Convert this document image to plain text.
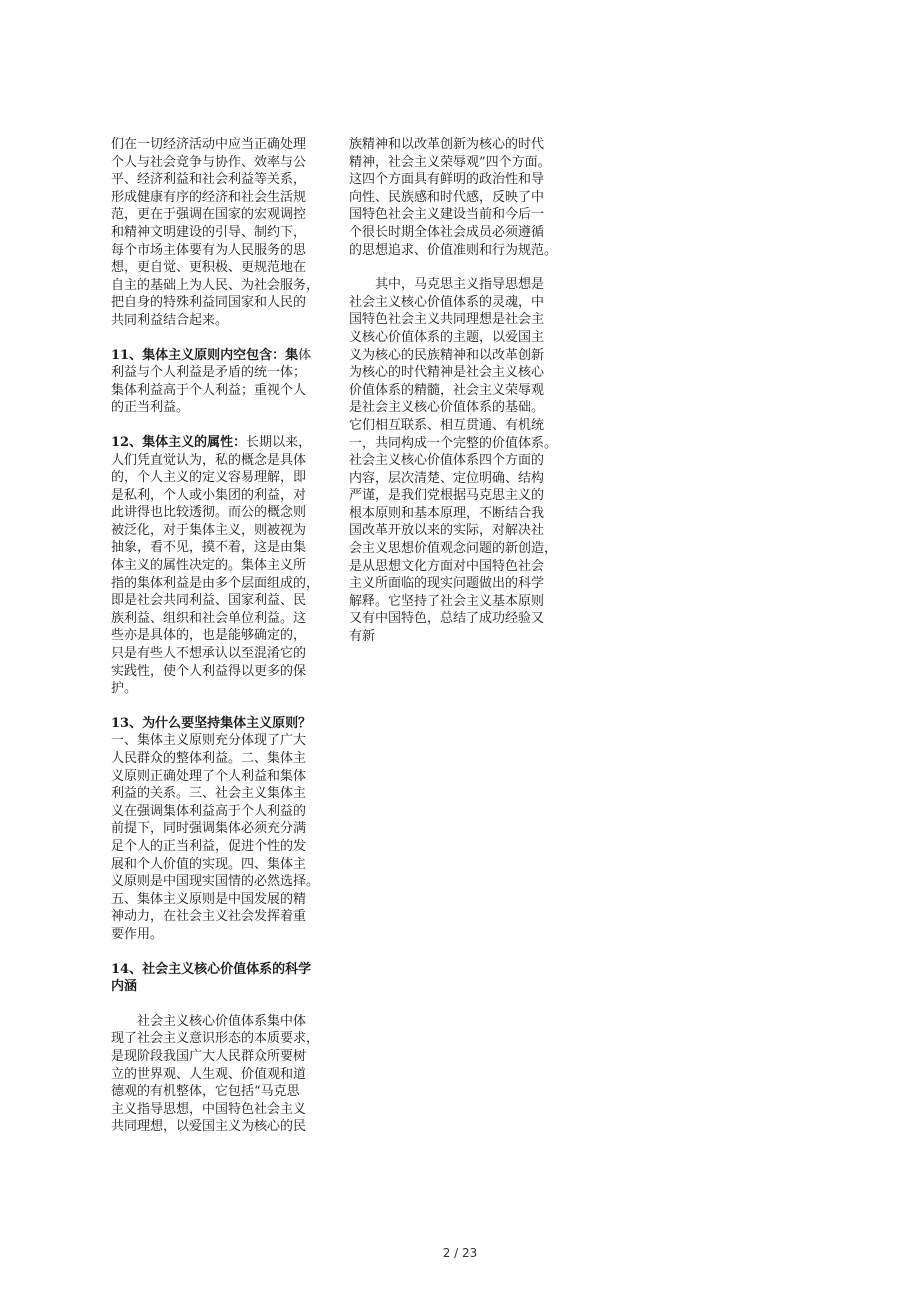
们在一切经济活动中应当正确处理
个人与社会竞争与协作、效率与公
平、经济利益和社会利益等关系，
形成健康有序的经济和社会生活规
范，更在于强调在国家的宏观调控
和精神文明建设的引导、制约下，
每个市场主体要有为人民服务的思
想，更自觉、更积极、更规范地在
自主的基础上为人民、为社会服务，
把自身的特殊利益同国家和人民的
共同利益结合起来。
11、集体主义原则内空包含：集体
利益与个人利益是矛盾的统一体；
集体利益高于个人利益；重视个人
的正当利益。
12、集体主义的属性：长期以来，
人们凭直觉认为，私的概念是具体
的，个人主义的定义容易理解，即
是私利，个人或小集团的利益，对
此讲得也比较透彻。而公的概念则
被泛化，对于集体主义，则被视为
抽象，看不见，摸不着，这是由集
体主义的属性决定的。集体主义所
指的集体利益是由多个层面组成的，
即是社会共同利益、国家利益、民
族利益、组织和社会单位利益。这
些亦是具体的，也是能够确定的，
只是有些人不想承认以至混淆它的
实践性，使个人利益得以更多的保
护。
13、为什么要坚持集体主义原则？
一、集体主义原则充分体现了广大
人民群众的整体利益。二、集体主
义原则正确处理了个人利益和集体
利益的关系。三、社会主义集体主
义在强调集体利益高于个人利益的
前提下，同时强调集体必须充分满
足个人的正当利益，促进个性的发
展和个人价值的实现。四、集体主
义原则是中国现实国情的必然选择。
五、集体主义原则是中国发展的精
神动力，在社会主义社会发挥着重
要作用。
14、社会主义核心价值体系的科学
内涵
　　社会主义核心价值体系集中体
现了社会主义意识形态的本质要求，
是现阶段我国广大人民群众所要树
立的世界观、人生观、价值观和道
德观的有机整体，它包括“马克思
主义指导思想，中国特色社会主义
共同理想，以爱国主义为核心的民
族精神和以改革创新为核心的时代
精神，社会主义荣辱观”四个方面。
这四个方面具有鲜明的政治性和导
向性、民族感和时代感，反映了中
国特色社会主义建设当前和今后一
个很长时期全体社会成员必须遵循
的思想追求、价值准则和行为规范。
　　其中，马克思主义指导思想是
社会主义核心价值体系的灵魂，中
国特色社会主义共同理想是社会主
义核心价值体系的主题，以爱国主
义为核心的民族精神和以改革创新
为核心的时代精神是社会主义核心
价值体系的精髓，社会主义荣辱观
是社会主义核心价值体系的基础。
它们相互联系、相互贯通、有机统
一，共同构成一个完整的价值体系。
社会主义核心价值体系四个方面的
内容，层次清楚、定位明确、结构
严谨，是我们党根据马克思主义的
根本原则和基本原理，不断结合我
国改革开放以来的实际，对解决社
会主义思想价值观念问题的新创造，
是从思想文化方面对中国特色社会
主义所面临的现实问题做出的科学
解释。它坚持了社会主义基本原则
又有中国特色，总结了成功经验又
有新
2 / 23
